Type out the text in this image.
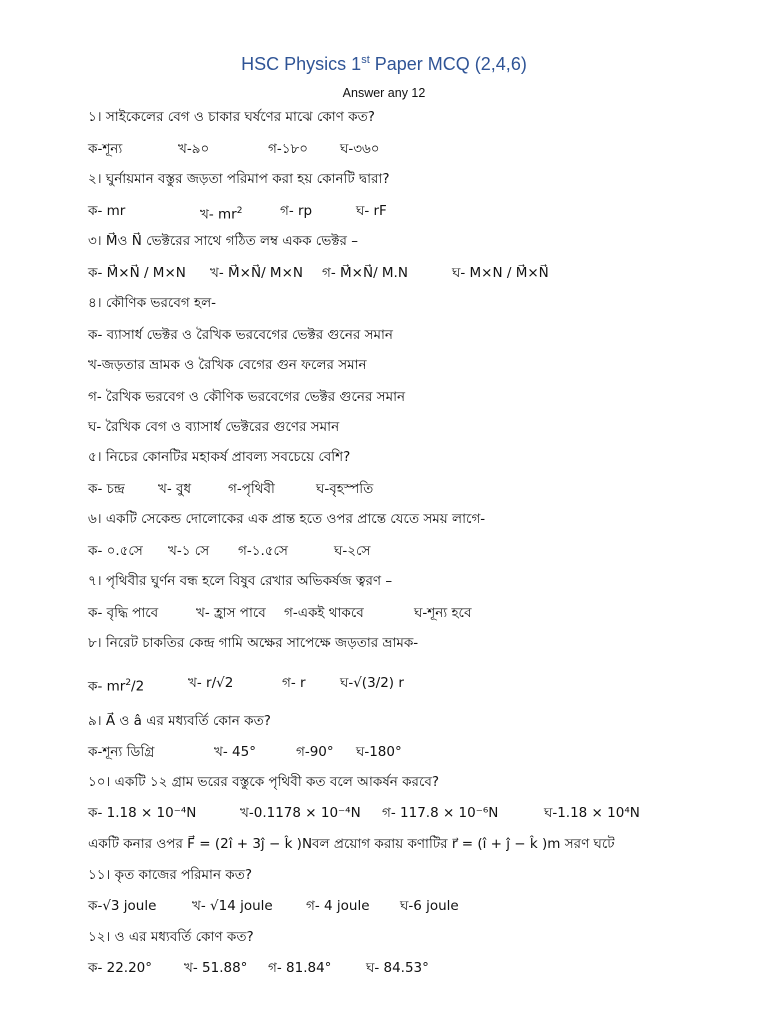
HSC Physics 1st Paper MCQ (2,4,6)
Answer any 12
১। সাইকেলের বেগ ও চাকার ঘর্ষণের মাঝে কোণ কত?
ক-শূন্য	খ-৯০	গ-১৮০ ঘ-৩৬০
২। ঘুর্নায়মান বস্তুর জড়তা পরিমাপ করা হয় কোনটি দ্বারা?
ক- mr	খ- $mr^2$	গ- rp	ঘ- rF
৩। M⃗ও N⃗ ভেক্টরের সাথে গঠিত লম্ব একক ভেক্টর –
ক- M⃗×N⃗ / M×N খ- M⃗×N⃗/ M×N গ- M⃗×N⃗/ M.N	ঘ- M×N / M⃗×N⃗
৪। কৌণিক ভরবেগ হল-
ক- ব্যাসার্ধ ভেক্টর ও রৈখিক ভরবেগের ভেক্টর গুনের সমান
খ-জড়তার ভ্রামক ও রৈখিক বেগের গুন ফলের সমান
গ- রৈখিক ভরবেগ ও কৌণিক ভরবেগের ভেক্টর গুনের সমান
ঘ- রৈখিক বেগ ও ব্যাসার্ধ ভেক্টরের গুণের সমান
৫। নিচের কোনটির মহাকর্ষ প্রাবল্য সবচেয়ে বেশি?
ক- চন্দ্র খ- বুধ	গ-পৃথিবী	ঘ-বৃহস্পতি
৬। একটি সেকেন্ড দোলোকের এক প্রান্ত হতে ওপর প্রান্তে যেতে সময় লাগে-
ক- ০.৫সে খ-১ সে গ-১.৫সে	ঘ-২সে
৭। পৃথিবীর ঘুর্ণন বন্ধ হলে বিষুব রেখার অভিকর্ষজ ত্বরণ –
ক- বৃদ্ধি পাবে	খ- হ্রাস পাবে গ-একই থাকবে	ঘ-শূন্য হবে
৮। নিরেট চাকতির কেন্দ্র গামি অক্ষের সাপেক্ষে জড়তার ভ্রামক-
ক- $mr^2/2$	খ- r/√2	গ- r	ঘ-√(3/2) r
৯। A⃗ ও â এর মধ্যবর্তি কোন কত?
ক-শূন্য ডিগ্রি	খ- 45°	গ-90° ঘ-180°
১০। একটি ১২ গ্রাম ভরের বস্তুকে পৃথিবী কত বলে আকর্ষন করবে?
ক- 1.18 × 10⁻⁴N	খ-0.1178 × 10⁻⁴N গ- 117.8 × 10⁻⁶N	ঘ-1.18 × 10⁴N
একটি কনার ওপর F⃗ = (2î + 3ĵ − k̂ )Nবল প্রয়োগ করায় কণাটির r⃗ = (î + ĵ − k̂ )m সরণ ঘটে
১১। কৃত কাজের পরিমান কত?
ক-√3 joule	খ- √14 joule গ- 4 joule ঘ-6 joule
১২। ও এর মধ্যবর্তি কোণ কত?
ক- 22.20° খ- 51.88° গ- 81.84°	ঘ- 84.53°
